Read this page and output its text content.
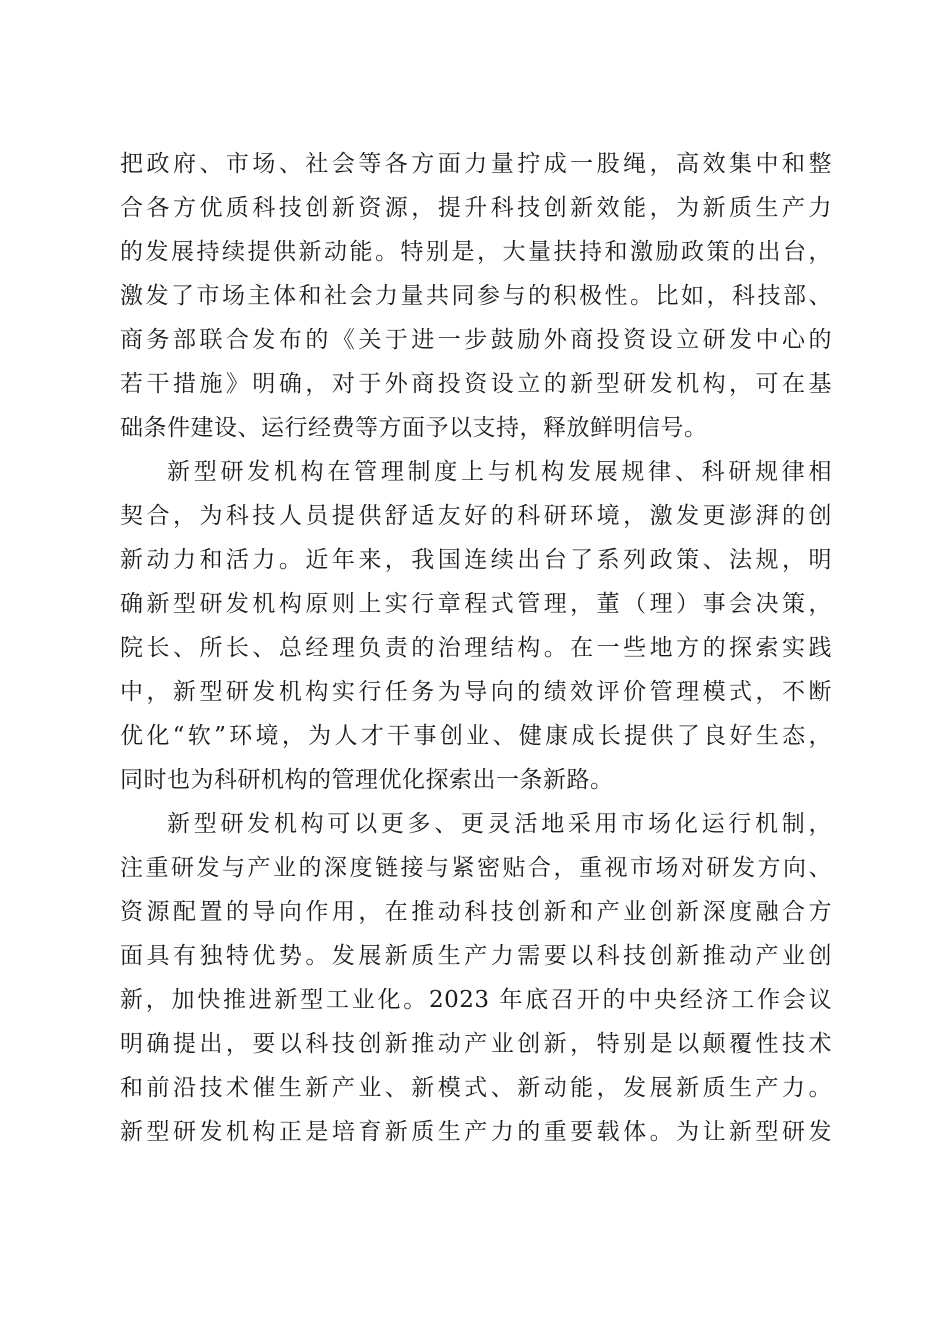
把政府、市场、社会等各方面力量拧成一股绳，高效集中和整
合各方优质科技创新资源，提升科技创新效能，为新质生产力
的发展持续提供新动能。特别是，大量扶持和激励政策的出台，
激发了市场主体和社会力量共同参与的积极性。比如，科技部、
商务部联合发布的《关于进一步鼓励外商投资设立研发中心的
若干措施》明确，对于外商投资设立的新型研发机构，可在基
础条件建设、运行经费等方面予以支持，释放鲜明信号。
新型研发机构在管理制度上与机构发展规律、科研规律相
契合，为科技人员提供舒适友好的科研环境，激发更澎湃的创
新动力和活力。近年来，我国连续出台了系列政策、法规，明
确新型研发机构原则上实行章程式管理，董（理）事会决策，
院长、所长、总经理负责的治理结构。在一些地方的探索实践
中，新型研发机构实行任务为导向的绩效评价管理模式，不断
优化“软”环境，为人才干事创业、健康成长提供了良好生态，
同时也为科研机构的管理优化探索出一条新路。
新型研发机构可以更多、更灵活地采用市场化运行机制，
注重研发与产业的深度链接与紧密贴合，重视市场对研发方向、
资源配置的导向作用，在推动科技创新和产业创新深度融合方
面具有独特优势。发展新质生产力需要以科技创新推动产业创
新，加快推进新型工业化。2023 年底召开的中央经济工作会议
明确提出，要以科技创新推动产业创新，特别是以颠覆性技术
和前沿技术催生新产业、新模式、新动能，发展新质生产力。
新型研发机构正是培育新质生产力的重要载体。为让新型研发
